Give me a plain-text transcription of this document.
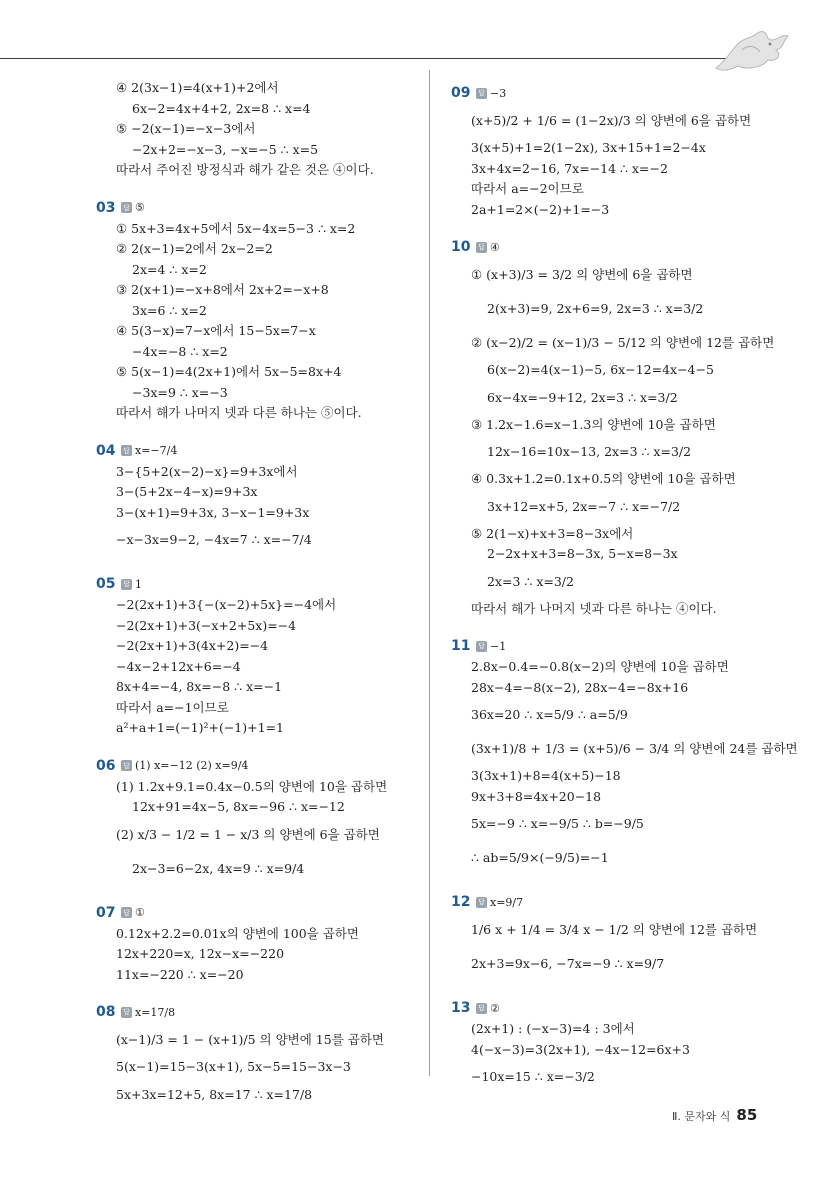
④ 2(3x−1)=4(x+1)+2에서
6x−2=4x+4+2, 2x=8 ∴ x=4
⑤ −2(x−1)=−x−3에서
−2x+2=−x−3, −x=−5 ∴ x=5
따라서 주어진 방정식과 해가 같은 것은 ④이다.
03	답 ⑤
① 5x+3=4x+5에서 5x−4x=5−3 ∴ x=2
② 2(x−1)=2에서 2x−2=2
2x=4 ∴ x=2
③ 2(x+1)=−x+8에서 2x+2=−x+8
3x=6 ∴ x=2
④ 5(3−x)=7−x에서 15−5x=7−x
−4x=−8 ∴ x=2
⑤ 5(x−1)=4(2x+1)에서 5x−5=8x+4
−3x=9 ∴ x=−3
따라서 해가 나머지 넷과 다른 하나는 ⑤이다.
04	답 x=−7/4
3−{5+2(x−2)−x}=9+3x에서
3−(5+2x−4−x)=9+3x
3−(x+1)=9+3x, 3−x−1=9+3x
−x−3x=9−2, −4x=7 ∴ x=−7/4
05	답 1
−2(2x+1)+3{−(x−2)+5x}=−4에서
−2(2x+1)+3(−x+2+5x)=−4
−2(2x+1)+3(4x+2)=−4
−4x−2+12x+6=−4
8x+4=−4, 8x=−8 ∴ x=−1
따라서 a=−1이므로
a²+a+1=(−1)²+(−1)+1=1
06	답 (1) x=−12 (2) x=9/4
(1) 1.2x+9.1=0.4x−0.5의 양변에 10을 곱하면
12x+91=4x−5, 8x=−96 ∴ x=−12
(2) x/3 − 1/2 = 1 − x/3 의 양변에 6을 곱하면
2x−3=6−2x, 4x=9 ∴ x=9/4
07	답 ①
0.12x+2.2=0.01x의 양변에 100을 곱하면
12x+220=x, 12x−x=−220
11x=−220 ∴ x=−20
08	답 x=17/8
(x−1)/3 = 1 − (x+1)/5 의 양변에 15를 곱하면
5(x−1)=15−3(x+1), 5x−5=15−3x−3
5x+3x=12+5, 8x=17 ∴ x=17/8
09	답 −3
(x+5)/2 + 1/6 = (1−2x)/3 의 양변에 6을 곱하면
3(x+5)+1=2(1−2x), 3x+15+1=2−4x
3x+4x=2−16, 7x=−14 ∴ x=−2
따라서 a=−2이므로
2a+1=2×(−2)+1=−3
10	답 ④
① (x+3)/3 = 3/2 의 양변에 6을 곱하면
2(x+3)=9, 2x+6=9, 2x=3 ∴ x=3/2
② (x−2)/2 = (x−1)/3 − 5/12 의 양변에 12를 곱하면
6(x−2)=4(x−1)−5, 6x−12=4x−4−5
6x−4x=−9+12, 2x=3 ∴ x=3/2
③ 1.2x−1.6=x−1.3의 양변에 10을 곱하면
12x−16=10x−13, 2x=3 ∴ x=3/2
④ 0.3x+1.2=0.1x+0.5의 양변에 10을 곱하면
3x+12=x+5, 2x=−7 ∴ x=−7/2
⑤ 2(1−x)+x+3=8−3x에서
2−2x+x+3=8−3x, 5−x=8−3x
2x=3 ∴ x=3/2
따라서 해가 나머지 넷과 다른 하나는 ④이다.
11	답 −1
2.8x−0.4=−0.8(x−2)의 양변에 10을 곱하면
28x−4=−8(x−2), 28x−4=−8x+16
36x=20 ∴ x=5/9 ∴ a=5/9
(3x+1)/8 + 1/3 = (x+5)/6 − 3/4 의 양변에 24를 곱하면
3(3x+1)+8=4(x+5)−18
9x+3+8=4x+20−18
5x=−9 ∴ x=−9/5 ∴ b=−9/5
∴ ab=5/9×(−9/5)=−1
12	답 x=9/7
1/6 x + 1/4 = 3/4 x − 1/2 의 양변에 12를 곱하면
2x+3=9x−6, −7x=−9 ∴ x=9/7
13	답 ②
(2x+1) : (−x−3)=4 : 3에서
4(−x−3)=3(2x+1), −4x−12=6x+3
−10x=15 ∴ x=−3/2
Ⅱ. 문자와 식 85
